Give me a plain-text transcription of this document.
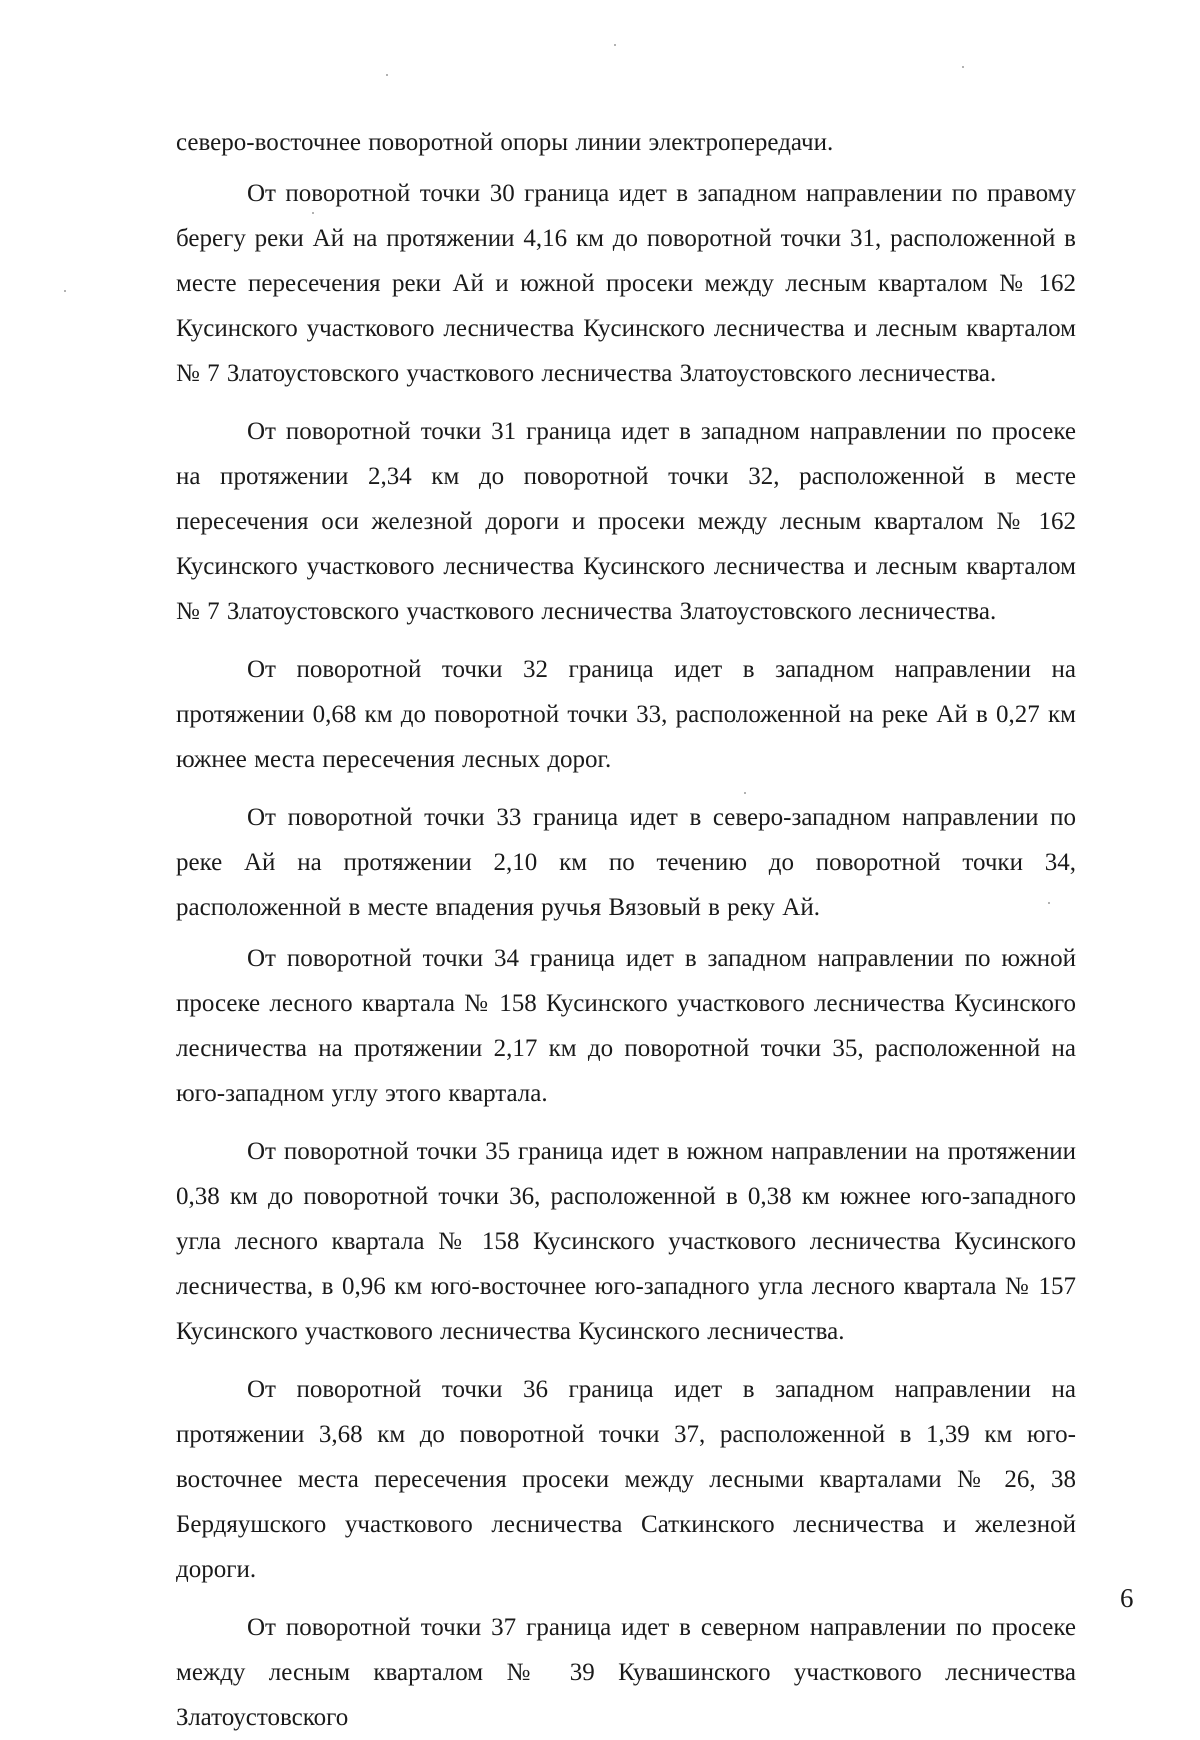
северо-восточнее поворотной опоры линии электропередачи.

От поворотной точки 30 граница идет в западном направлении по правому берегу реки Ай на протяжении 4,16 км до поворотной точки 31, расположенной в месте пересечения реки Ай и южной просеки между лесным кварталом № 162 Кусинского участкового лесничества Кусинского лесничества и лесным кварталом № 7 Златоустовского участкового лесничества Златоустовского лесничества.

От поворотной точки 31 граница идет в западном направлении по просеке на протяжении 2,34 км до поворотной точки 32, расположенной в месте пересечения оси железной дороги и просеки между лесным кварталом № 162 Кусинского участкового лесничества Кусинского лесничества и лесным кварталом № 7 Златоустовского участкового лесничества Златоустовского лесничества.

От поворотной точки 32 граница идет в западном направлении на протяжении 0,68 км до поворотной точки 33, расположенной на реке Ай в 0,27 км южнее места пересечения лесных дорог.

От поворотной точки 33 граница идет в северо-западном направлении по реке Ай на протяжении 2,10 км по течению до поворотной точки 34, расположенной в месте впадения ручья Вязовый в реку Ай.

От поворотной точки 34 граница идет в западном направлении по южной просеке лесного квартала № 158 Кусинского участкового лесничества Кусинского лесничества на протяжении 2,17 км до поворотной точки 35, расположенной на юго-западном углу этого квартала.

От поворотной точки 35 граница идет в южном направлении на протяжении 0,38 км до поворотной точки 36, расположенной в 0,38 км южнее юго-западного угла лесного квартала № 158 Кусинского участкового лесничества Кусинского лесничества, в 0,96 км юго-восточнее юго-западного угла лесного квартала № 157 Кусинского участкового лесничества Кусинского лесничества.

От поворотной точки 36 граница идет в западном направлении на протяжении 3,68 км до поворотной точки 37, расположенной в 1,39 км юго-восточнее места пересечения просеки между лесными кварталами № 26, 38 Бердяушского участкового лесничества Саткинского лесничества и железной дороги.

От поворотной точки 37 граница идет в северном направлении по просеке между лесным кварталом № 39 Кувашинского участкового лесничества Златоустовского

6
